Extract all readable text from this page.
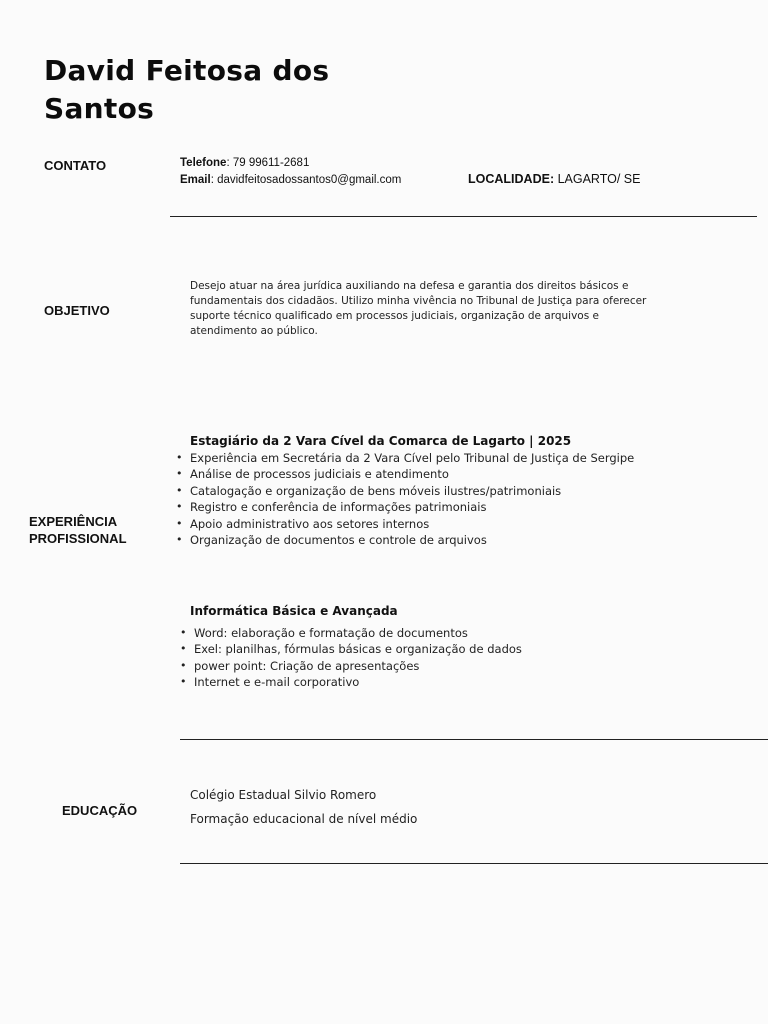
David Feitosa dos
Santos
CONTATO	Telefone: 79 99611-2681
Email: davidfeitosadossantos0@gmail.com	LOCALIDADE: LAGARTO/ SE
OBJETIVO
Desejo atuar na área jurídica auxiliando na defesa e garantia dos direitos básicos e
fundamentais dos cidadãos. Utilizo minha vivência no Tribunal de Justiça para oferecer
suporte técnico qualificado em processos judiciais, organização de arquivos e
atendimento ao público.
EXPERIÊNCIA
PROFISSIONAL
Estagiário da 2 Vara Cível da Comarca de Lagarto | 2025
• Experiência em Secretária da 2 Vara Cível pelo Tribunal de Justiça de Sergipe
• Análise de processos judiciais e atendimento
• Catalogação e organização de bens móveis ilustres/patrimoniais
• Registro e conferência de informações patrimoniais
• Apoio administrativo aos setores internos
• Organização de documentos e controle de arquivos
Informática Básica e Avançada
• Word: elaboração e formatação de documentos
• Exel: planilhas, fórmulas básicas e organização de dados
• power point: Criação de apresentações
• Internet e e-mail corporativo
EDUCAÇÃO
Colégio Estadual Silvio Romero
Formação educacional de nível médio
